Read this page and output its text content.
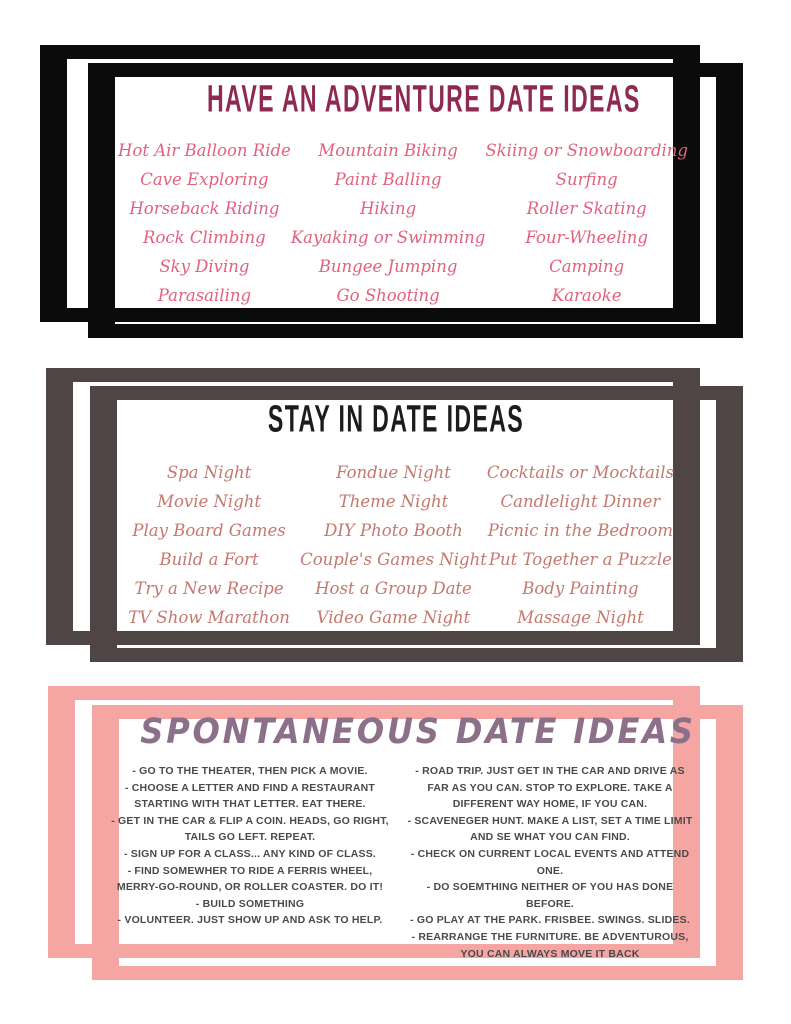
HAVE AN ADVENTURE DATE IDEAS
Hot Air Balloon Ride
Cave Exploring
Horseback Riding
Rock Climbing
Sky Diving
Parasailing
Mountain Biking
Paint Balling
Hiking
Kayaking or Swimming
Bungee Jumping
Go Shooting
Skiing or Snowboarding
Surfing
Roller Skating
Four-Wheeling
Camping
Karaoke
STAY IN DATE IDEAS
Spa Night
Movie Night
Play Board Games
Build a Fort
Try a New Recipe
TV Show Marathon
Fondue Night
Theme Night
DIY Photo Booth
Couple's Games Night
Host a Group Date
Video Game Night
Cocktails or Mocktails
Candlelight Dinner
Picnic in the Bedroom
Put Together a Puzzle
Body Painting
Massage Night
SPONTANEOUS DATE IDEAS
- GO TO THE THEATER, THEN PICK A MOVIE.
- CHOOSE A LETTER AND FIND A RESTAURANT STARTING WITH THAT LETTER. EAT THERE.
- GET IN THE CAR & FLIP A COIN. HEADS, GO RIGHT, TAILS GO LEFT. REPEAT.
- SIGN UP FOR A CLASS... ANY KIND OF CLASS.
- FIND SOMEWHER TO RIDE A FERRIS WHEEL, MERRY-GO-ROUND, OR ROLLER COASTER. DO IT!
- BUILD SOMETHING
- VOLUNTEER. JUST SHOW UP AND ASK TO HELP.
- ROAD TRIP. JUST GET IN THE CAR AND DRIVE AS FAR AS YOU CAN. STOP TO EXPLORE. TAKE A DIFFERENT WAY HOME, IF YOU CAN.
- SCAVENEGER HUNT. MAKE A LIST, SET A TIME LIMIT AND SE WHAT YOU CAN FIND.
- CHECK ON CURRENT LOCAL EVENTS AND ATTEND ONE.
- DO SOEMTHING NEITHER OF YOU HAS DONE BEFORE.
- GO PLAY AT THE PARK. FRISBEE. SWINGS. SLIDES.
- REARRANGE THE FURNITURE. BE ADVENTUROUS, YOU CAN ALWAYS MOVE IT BACK
